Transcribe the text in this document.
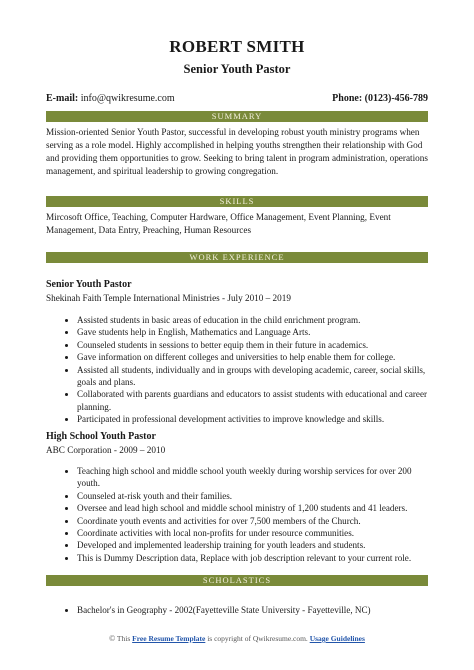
ROBERT SMITH
Senior Youth Pastor
E-mail: info@qwikresume.com	Phone: (0123)-456-789
SUMMARY
Mission-oriented Senior Youth Pastor, successful in developing robust youth ministry programs when serving as a role model. Highly accomplished in helping youths strengthen their relationship with God and providing them opportunities to grow. Seeking to bring talent in program administration, operations management, and spiritual leadership to growing congregation.
SKILLS
Mircosoft Office, Teaching, Computer Hardware, Office Management, Event Planning, Event Management, Data Entry, Preaching, Human Resources
WORK EXPERIENCE
Senior Youth Pastor
Shekinah Faith Temple International Ministries - July 2010 – 2019
• Assisted students in basic areas of education in the child enrichment program.
• Gave students help in English, Mathematics and Language Arts.
• Counseled students in sessions to better equip them in their future in academics.
• Gave information on different colleges and universities to help enable them for college.
• Assisted all students, individually and in groups with developing academic, career, social skills, goals and plans.
• Collaborated with parents guardians and educators to assist students with educational and career planning.
• Participated in professional development activities to improve knowledge and skills.
High School Youth Pastor
ABC Corporation - 2009 – 2010
• Teaching high school and middle school youth weekly during worship services for over 200 youth.
• Counseled at-risk youth and their families.
• Oversee and lead high school and middle school ministry of 1,200 students and 41 leaders.
• Coordinate youth events and activities for over 7,500 members of the Church.
• Coordinate activities with local non-profits for under resource communities.
• Developed and implemented leadership training for youth leaders and students.
• This is Dummy Description data, Replace with job description relevant to your current role.
SCHOLASTICS
• Bachelor's in Geography - 2002(Fayetteville State University - Fayetteville, NC)
© This Free Resume Template is copyright of Qwikresume.com. Usage Guidelines
